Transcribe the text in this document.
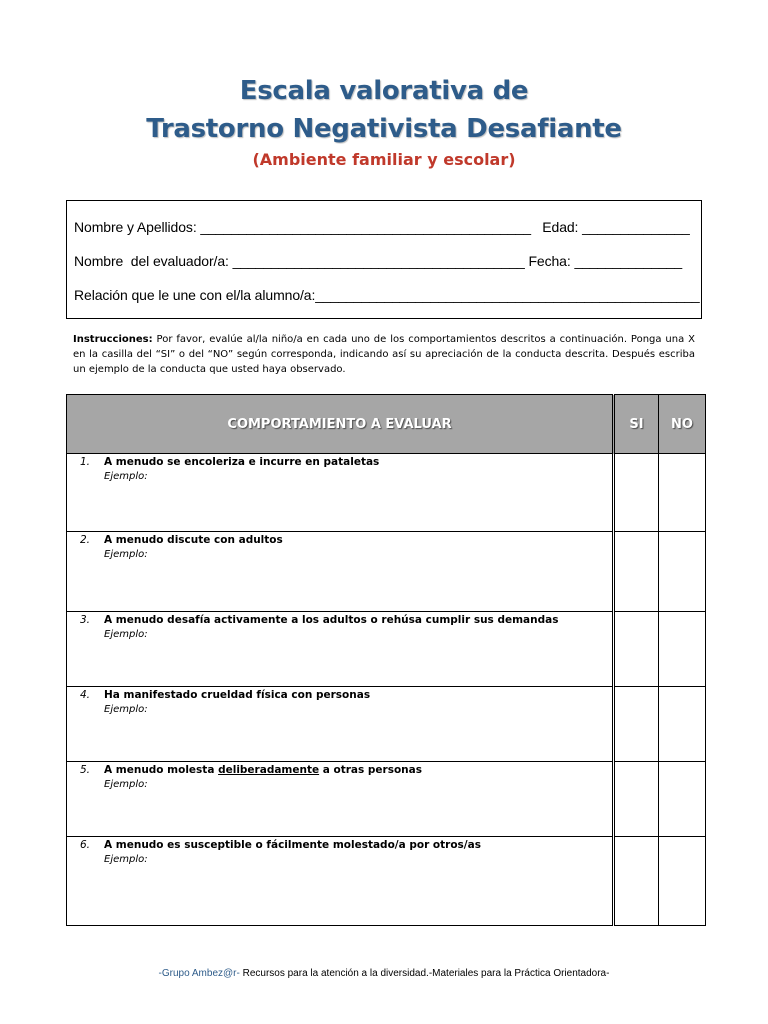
Escala valorativa de
Trastorno Negativista Desafiante
(Ambiente familiar y escolar)
Nombre y Apellidos: ___________________________________________   Edad: ______________
Nombre  del evaluador/a: ______________________________________ Fecha: ______________
Relación que le une con el/la alumno/a:__________________________________________________
Instrucciones: Por favor, evalúe al/la niño/a en cada uno de los comportamientos descritos a continuación. Ponga una X en la casilla del “SI” o del “NO” según corresponda, indicando así su apreciación de la conducta descrita. Después escriba un ejemplo de la conducta que usted haya observado.
COMPORTAMIENTO A EVALUAR	SI	NO

1. A menudo se encoleriza e incurre en pataletas
Ejemplo:		

2. A menudo discute con adultos
Ejemplo:		

3. A menudo desafía activamente a los adultos o rehúsa cumplir sus demandas
Ejemplo:		

4. Ha manifestado crueldad física con personas
Ejemplo:		

5. A menudo molesta deliberadamente a otras personas
Ejemplo:		

6. A menudo es susceptible o fácilmente molestado/a por otros/as
Ejemplo:		

-Grupo Ambez@r- Recursos para la atención a la diversidad.-Materiales para la Práctica Orientadora-
